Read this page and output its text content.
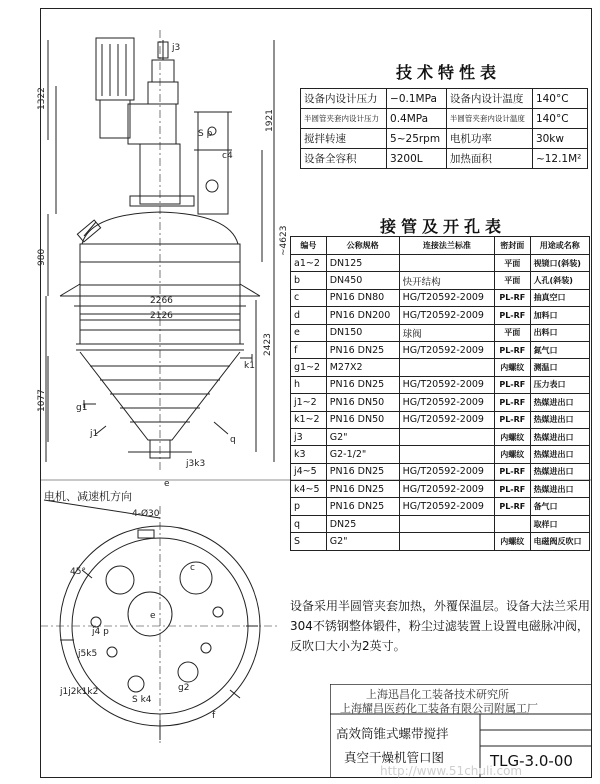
1322
1921
~4623
980
2266
2126
2423
1077
j3
S p
c4
k1
g1
j1
q
j3k3
e
电机、减速机方向
4-Ø30
45°
j4 p
j5k5
j1j2k1k2
S k4
g2
f
c
e
技术特性表
设备内设计压力	−0.1MPa	设备内设计温度	140°C
半圆管夹套内设计压力	0.4MPa	半圆管夹套内设计温度	140°C
搅拌转速	5~25rpm	电机功率	30kw
设备全容积	3200L	加热面积	~12.1M²
接管及开孔表
编号	公称规格	连接法兰标准	密封面	用途或名称
a1~2	DN125		平面	视镜口(斜装)
b	DN450	快开结构	平面	人孔(斜装)
c	PN16 DN80	HG/T20592-2009	PL-RF	抽真空口
d	PN16 DN200	HG/T20592-2009	PL-RF	加料口
e	DN150	球阀	平面	出料口
f	PN16 DN25	HG/T20592-2009	PL-RF	氮气口
g1~2	M27X2		内螺纹	测温口
h	PN16 DN25	HG/T20592-2009	PL-RF	压力表口
j1~2	PN16 DN50	HG/T20592-2009	PL-RF	热媒进出口
k1~2	PN16 DN50	HG/T20592-2009	PL-RF	热媒进出口
j3	G2"		内螺纹	热媒进出口
k3	G2-1/2"		内螺纹	热媒进出口
j4~5	PN16 DN25	HG/T20592-2009	PL-RF	热媒进出口
k4~5	PN16 DN25	HG/T20592-2009	PL-RF	热媒进出口
p	PN16 DN25	HG/T20592-2009	PL-RF	备气口
q	DN25			取样口
S	G2"		内螺纹	电磁阀反吹口
设备采用半圆管夹套加热，外覆保温层。设备大法兰采用304不锈钢整体锻件，粉尘过滤装置上设置电磁脉冲阀，反吹口大小为2英寸。
上海迅昌化工装备技术研究所
上海耀昌医药化工装备有限公司附属工厂
高效筒锥式螺带搅拌
真空干燥机管口图	TLG-3.0-00
http://www.51chuli.com
